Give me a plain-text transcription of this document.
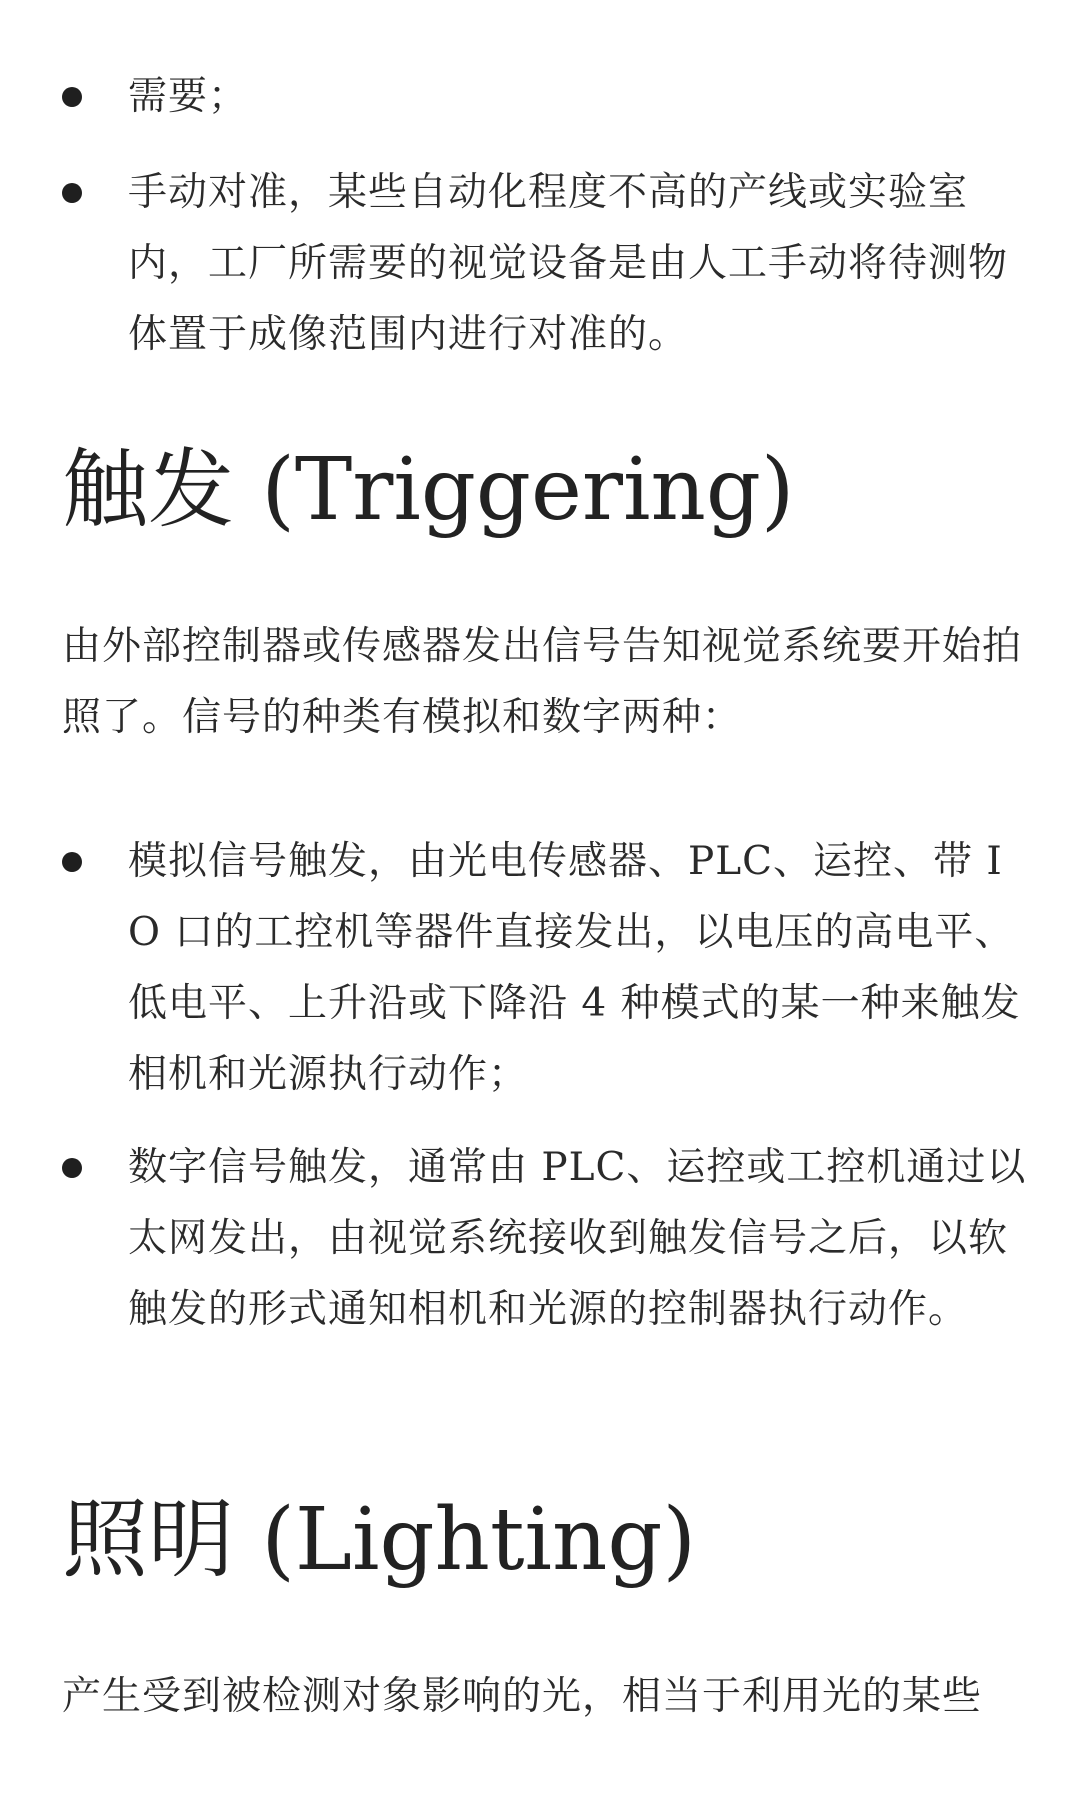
需要；
手动对准，某些自动化程度不高的产线或实验室内，工厂所需要的视觉设备是由人工手动将待测物体置于成像范围内进行对准的。
触发 (Triggering)

由外部控制器或传感器发出信号告知视觉系统要开始拍照了。信号的种类有模拟和数字两种：

模拟信号触发，由光电传感器、PLC、运控、带 I O 口的工控机等器件直接发出，以电压的高电平、低电平、上升沿或下降沿 4 种模式的某一种来触发相机和光源执行动作；
数字信号触发，通常由 PLC、运控或工控机通过以太网发出，由视觉系统接收到触发信号之后，以软触发的形式通知相机和光源的控制器执行动作。
照明 (Lighting)

产生受到被检测对象影响的光，相当于利用光的某些
